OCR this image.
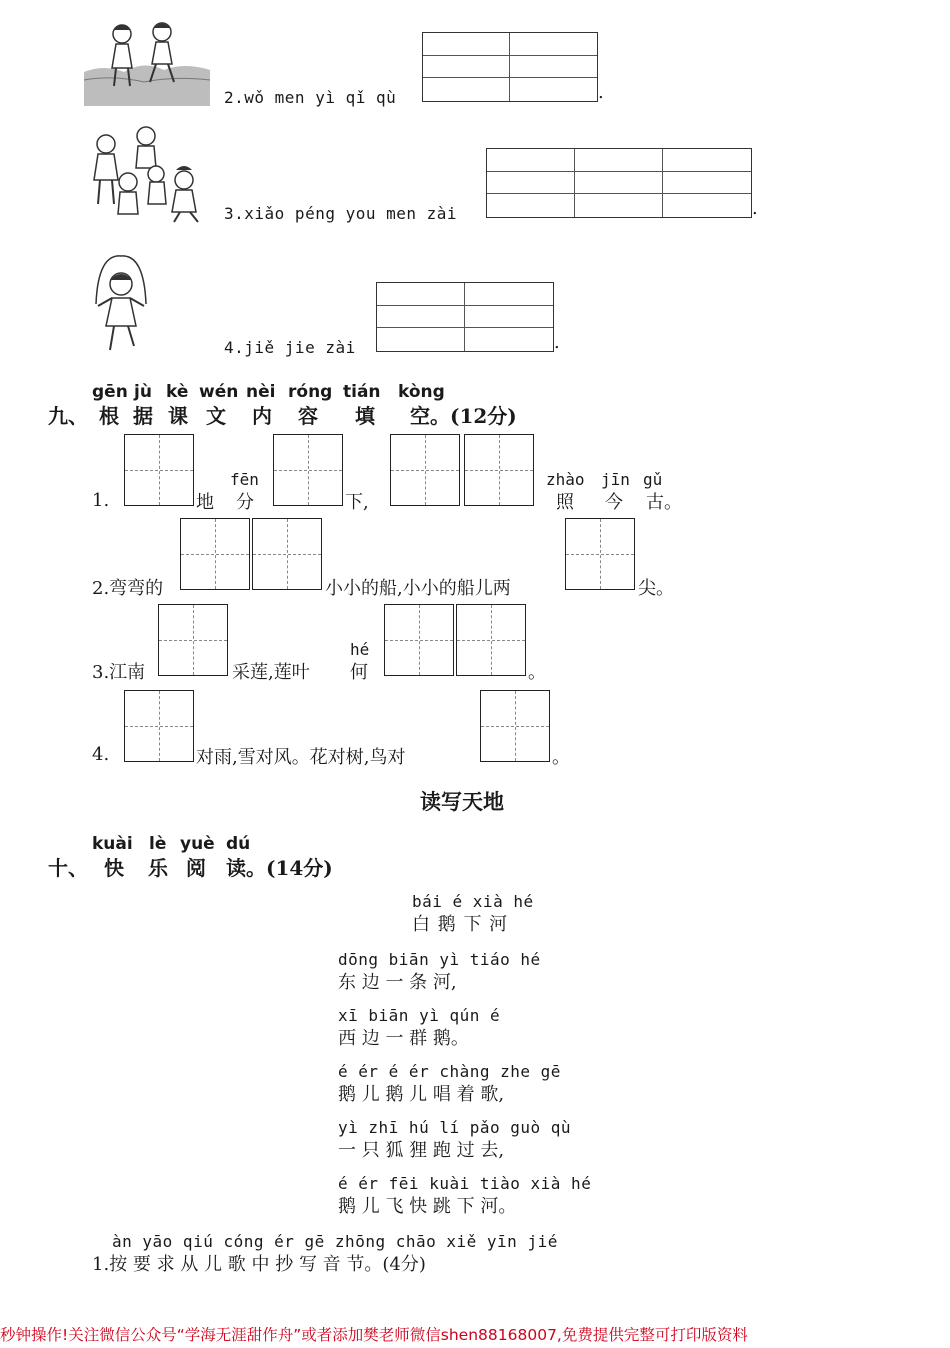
2.wǒ men yì qǐ qù	.
3.xiǎo péng you men zài	.
4.jiě jie zài	.
gēn jù kè wén nèi róng tián kòng
九、 根 据 课 文 内 容 填 空 。(12分)
1.	地
fēn
分	下,
zhào jīn gǔ
照 今 古。
2.弯弯的	小小的船,小小的船儿两	尖。
3.江南	采莲,莲叶
hé
何	。
4.	对雨,雪对风。花对树,鸟对	。
读写天地
kuài lè yuè dú
十、 快 乐 阅 读 。(14分)
bái é xià hé
白 鹅 下 河
dōng biān yì tiáo hé
东 边 一 条 河,
xī biān yì qún é
西 边 一 群 鹅。
é ér é ér chàng zhe gē
鹅 儿 鹅 儿 唱 着 歌,
yì zhī hú lí pǎo guò qù
一 只 狐 狸 跑 过 去,
é ér fēi kuài tiào xià hé
鹅 儿 飞 快 跳 下 河。
àn yāo qiú cóng ér gē zhōng chāo xiě yīn jié
1.按 要 求 从 儿 歌 中 抄 写 音 节。(4分)
秒钟操作!关注微信公众号“学海无涯甜作舟”或者添加樊老师微信shen88168007,免费提供完整可打印版资料
